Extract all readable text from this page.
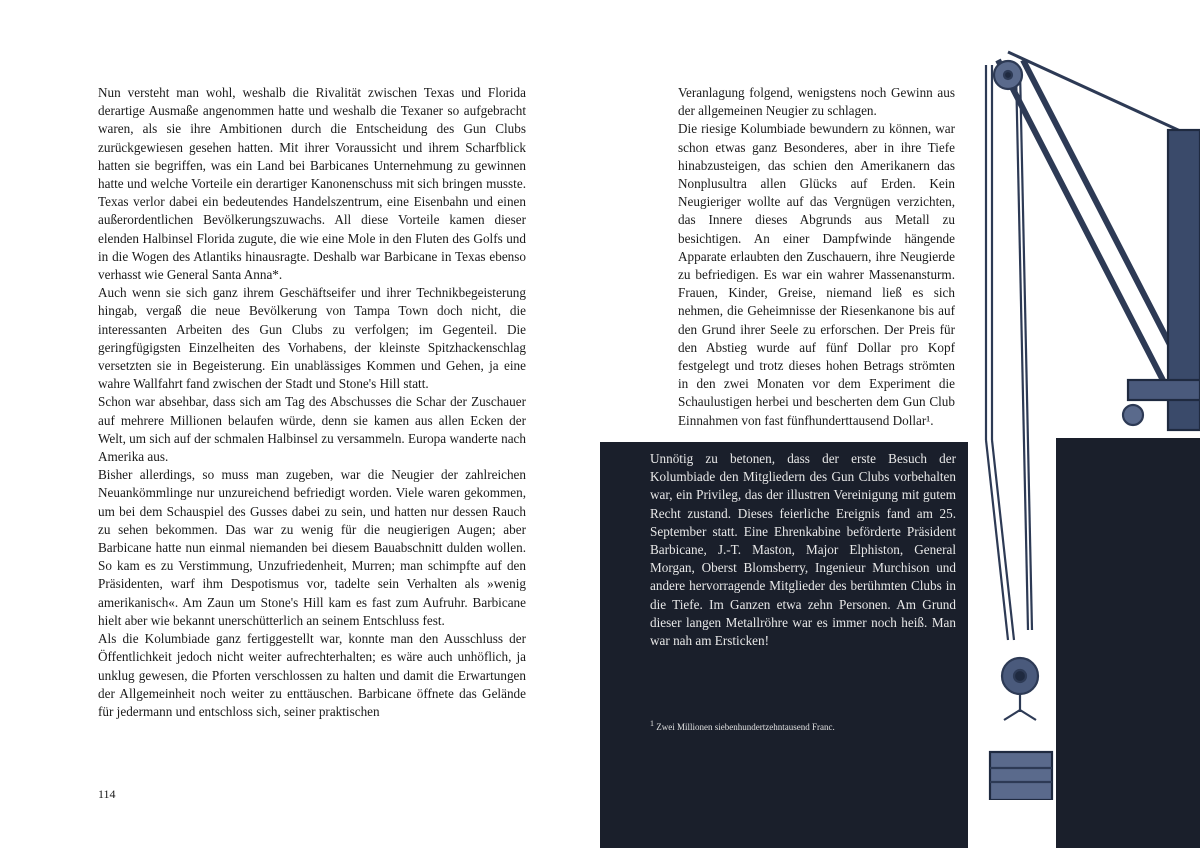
Nun versteht man wohl, weshalb die Rivalität zwischen Texas und Florida derartige Ausmaße angenommen hatte und weshalb die Texaner so aufgebracht waren, als sie ihre Ambitionen durch die Entscheidung des Gun Clubs zurückgewiesen gesehen hatten. Mit ihrer Voraussicht und ihrem Scharfblick hatten sie begriffen, was ein Land bei Barbicanes Unternehmung zu gewinnen hatte und welche Vorteile ein derartiger Kanonenschuss mit sich bringen musste. Texas verlor dabei ein bedeutendes Handelszentrum, eine Eisenbahn und einen außerordentlichen Bevölkerungszuwachs. All diese Vorteile kamen dieser elenden Halbinsel Florida zugute, die wie eine Mole in den Fluten des Golfs und in die Wogen des Atlantiks hinausragte. Deshalb war Barbicane in Texas ebenso verhasst wie General Santa Anna*.

Auch wenn sie sich ganz ihrem Geschäftseifer und ihrer Technikbegeisterung hingab, vergaß die neue Bevölkerung von Tampa Town doch nicht, die interessanten Arbeiten des Gun Clubs zu verfolgen; im Gegenteil. Die geringfügigsten Einzelheiten des Vorhabens, der kleinste Spitzhackenschlag versetzten sie in Begeisterung. Ein unablässiges Kommen und Gehen, ja eine wahre Wallfahrt fand zwischen der Stadt und Stone's Hill statt.

Schon war absehbar, dass sich am Tag des Abschusses die Schar der Zuschauer auf mehrere Millionen belaufen würde, denn sie kamen aus allen Ecken der Welt, um sich auf der schmalen Halbinsel zu versammeln. Europa wanderte nach Amerika aus.

Bisher allerdings, so muss man zugeben, war die Neugier der zahlreichen Neuankömmlinge nur unzureichend befriedigt worden. Viele waren gekommen, um bei dem Schauspiel des Gusses dabei zu sein, und hatten nur dessen Rauch zu sehen bekommen. Das war zu wenig für die neugierigen Augen; aber Barbicane hatte nun einmal niemanden bei diesem Bauabschnitt dulden wollen. So kam es zu Verstimmung, Unzufriedenheit, Murren; man schimpfte auf den Präsidenten, warf ihm Despotismus vor, tadelte sein Verhalten als »wenig amerikanisch«. Am Zaun um Stone's Hill kam es fast zum Aufruhr. Barbicane hielt aber wie bekannt unerschütterlich an seinem Entschluss fest.

Als die Kolumbiade ganz fertiggestellt war, konnte man den Ausschluss der Öffentlichkeit jedoch nicht weiter aufrechterhalten; es wäre auch unhöflich, ja unklug gewesen, die Pforten verschlossen zu halten und damit die Erwartungen der Allgemeinheit noch weiter zu enttäuschen. Barbicane öffnete das Gelände für jedermann und entschloss sich, seiner praktischen

114

Veranlagung folgend, wenigstens noch Gewinn aus der allgemeinen Neugier zu schlagen.

Die riesige Kolumbiade bewundern zu können, war schon etwas ganz Besonderes, aber in ihre Tiefe hinabzusteigen, das schien den Amerikanern das Nonplusultra allen Glücks auf Erden. Kein Neugieriger wollte auf das Vergnügen verzichten, das Innere dieses Abgrunds aus Metall zu besichtigen. An einer Dampfwinde hängende Apparate erlaubten den Zuschauern, ihre Neugierde zu befriedigen. Es war ein wahrer Massenansturm. Frauen, Kinder, Greise, niemand ließ es sich nehmen, die Geheimnisse der Riesenkanone bis auf den Grund ihrer Seele zu erforschen. Der Preis für den Abstieg wurde auf fünf Dollar pro Kopf festgelegt und trotz dieses hohen Betrags strömten in den zwei Monaten vor dem Experiment die Schaulustigen herbei und bescherten dem Gun Club Einnahmen von fast fünfhunderttausend Dollar¹.

Unnötig zu betonen, dass der erste Besuch der Kolumbiade den Mitgliedern des Gun Clubs vorbehalten war, ein Privileg, das der illustren Vereinigung mit gutem Recht zustand. Dieses feierliche Ereignis fand am 25. September statt. Eine Ehrenkabine beförderte Präsident Barbicane, J.-T. Maston, Major Elphiston, General Morgan, Oberst Blomsberry, Ingenieur Murchison und andere hervorragende Mitglieder des berühmten Clubs in die Tiefe. Im Ganzen etwa zehn Personen. Am Grund dieser langen Metallröhre war es immer noch heiß. Man war nah am Ersticken!

$^1$ Zwei Millionen siebenhundertzehntausend Franc.
